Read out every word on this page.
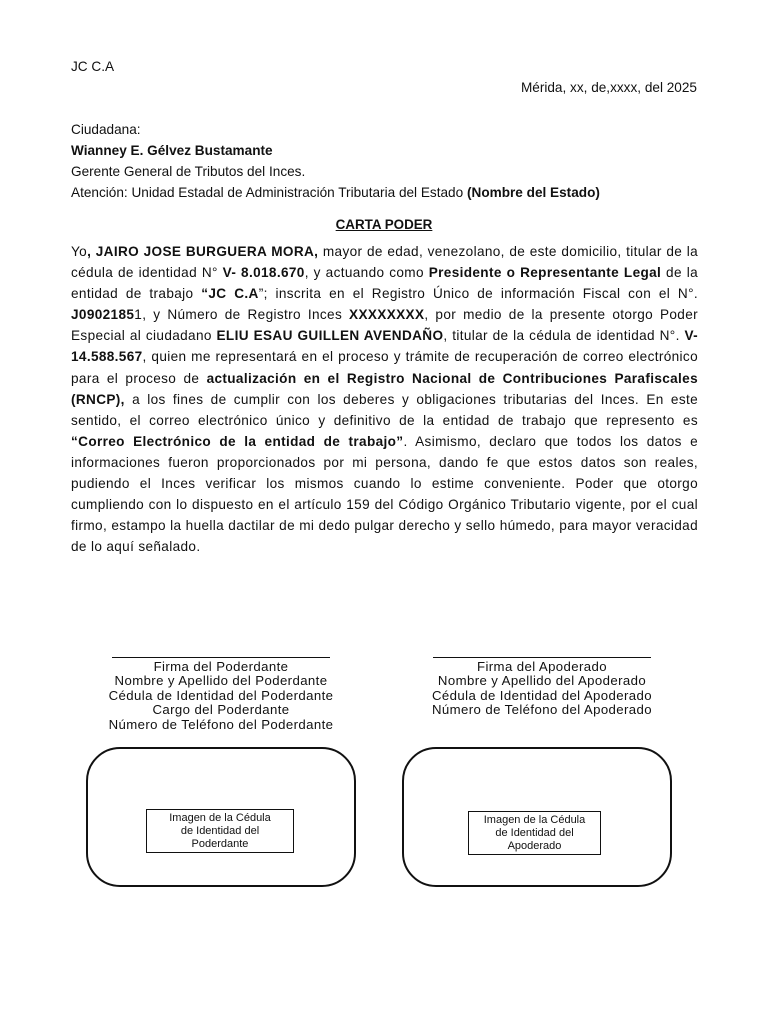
JC C.A
Mérida, xx, de,xxxx, del 2025
Ciudadana:
Wianney E. Gélvez Bustamante
Gerente General de Tributos del Inces.
Atención: Unidad Estadal de Administración Tributaria del Estado (Nombre del Estado)
CARTA PODER
Yo, JAIRO JOSE BURGUERA MORA, mayor de edad, venezolano, de este domicilio, titular de la cédula de identidad N° V- 8.018.670, y actuando como Presidente o Representante Legal de la entidad de trabajo “JC C.A”; inscrita en el Registro Único de información Fiscal con el N°. J09021851, y Número de Registro Inces XXXXXXXX, por medio de la presente otorgo Poder Especial al ciudadano ELIU ESAU GUILLEN AVENDAÑO, titular de la cédula de identidad N°. V- 14.588.567, quien me representará en el proceso y trámite de recuperación de correo electrónico para el proceso de actualización en el Registro Nacional de Contribuciones Parafiscales (RNCP), a los fines de cumplir con los deberes y obligaciones tributarias del Inces. En este sentido, el correo electrónico único y definitivo de la entidad de trabajo que represento es “Correo Electrónico de la entidad de trabajo”. Asimismo, declaro que todos los datos e informaciones fueron proporcionados por mi persona, dando fe que estos datos son reales, pudiendo el Inces verificar los mismos cuando lo estime conveniente. Poder que otorgo cumpliendo con lo dispuesto en el artículo 159 del Código Orgánico Tributario vigente, por el cual firmo, estampo la huella dactilar de mi dedo pulgar derecho y sello húmedo, para mayor veracidad de lo aquí señalado.
Firma del Poderdante
Nombre y Apellido del Poderdante
Cédula de Identidad del Poderdante
Cargo del Poderdante
Número de Teléfono del Poderdante
Firma del Apoderado
Nombre y Apellido del Apoderado
Cédula de Identidad del Apoderado
Número de Teléfono del Apoderado
Imagen de la Cédula
de Identidad del
Poderdante
Imagen de la Cédula
de Identidad del
Apoderado
